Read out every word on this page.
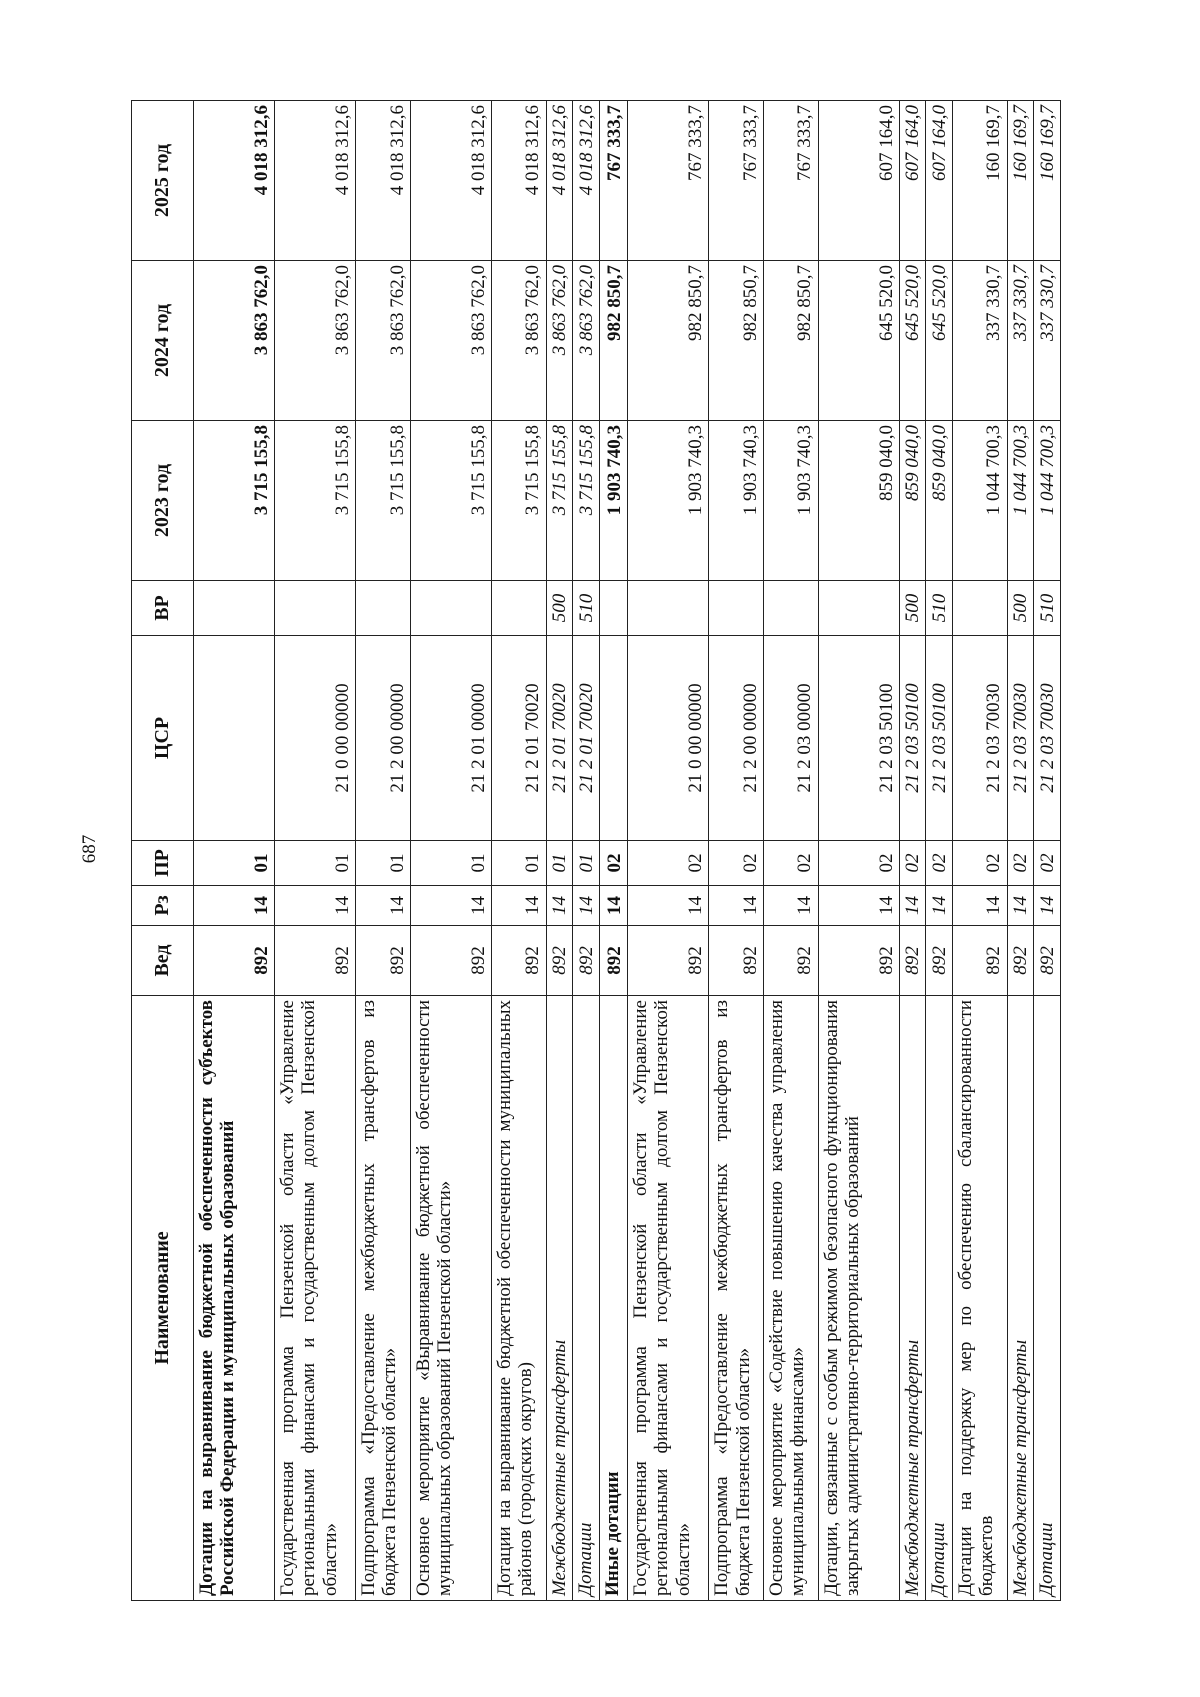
687
Наименование	Вед	Рз	ПР	ЦСР	ВР	2023 год	2024 год	2025 год
Дотации на выравнивание бюджетной обеспеченности субъектов Российской Федерации и муниципальных образований	892	14	01			3 715 155,8	3 863 762,0	4 018 312,6
Государственная программа Пензенской области «Управление региональными финансами и государственным долгом Пензенской области»	892	14	01	21 0 00 00000		3 715 155,8	3 863 762,0	4 018 312,6
Подпрограмма «Предоставление межбюджетных трансфертов из бюджета Пензенской области»	892	14	01	21 2 00 00000		3 715 155,8	3 863 762,0	4 018 312,6
Основное мероприятие «Выравнивание бюджетной обеспеченности муниципальных образований Пензенской области»	892	14	01	21 2 01 00000		3 715 155,8	3 863 762,0	4 018 312,6
Дотации на выравнивание бюджетной обеспеченности муниципальных районов (городских округов)	892	14	01	21 2 01 70020		3 715 155,8	3 863 762,0	4 018 312,6
Межбюджетные трансферты	892	14	01	21 2 01 70020	500	3 715 155,8	3 863 762,0	4 018 312,6
Дотации	892	14	01	21 2 01 70020	510	3 715 155,8	3 863 762,0	4 018 312,6
Иные дотации	892	14	02			1 903 740,3	982 850,7	767 333,7
Государственная программа Пензенской области «Управление региональными финансами и государственным долгом Пензенской области»	892	14	02	21 0 00 00000		1 903 740,3	982 850,7	767 333,7
Подпрограмма «Предоставление межбюджетных трансфертов из бюджета Пензенской области»	892	14	02	21 2 00 00000		1 903 740,3	982 850,7	767 333,7
Основное мероприятие «Содействие повышению качества управления муниципальными финансами»	892	14	02	21 2 03 00000		1 903 740,3	982 850,7	767 333,7
Дотации, связанные с особым режимом безопасного функционирования закрытых административно-территориальных образований	892	14	02	21 2 03 50100		859 040,0	645 520,0	607 164,0
Межбюджетные трансферты	892	14	02	21 2 03 50100	500	859 040,0	645 520,0	607 164,0
Дотации	892	14	02	21 2 03 50100	510	859 040,0	645 520,0	607 164,0
Дотации на поддержку мер по обеспечению сбалансированности бюджетов	892	14	02	21 2 03 70030		1 044 700,3	337 330,7	160 169,7
Межбюджетные трансферты	892	14	02	21 2 03 70030	500	1 044 700,3	337 330,7	160 169,7
Дотации	892	14	02	21 2 03 70030	510	1 044 700,3	337 330,7	160 169,7
